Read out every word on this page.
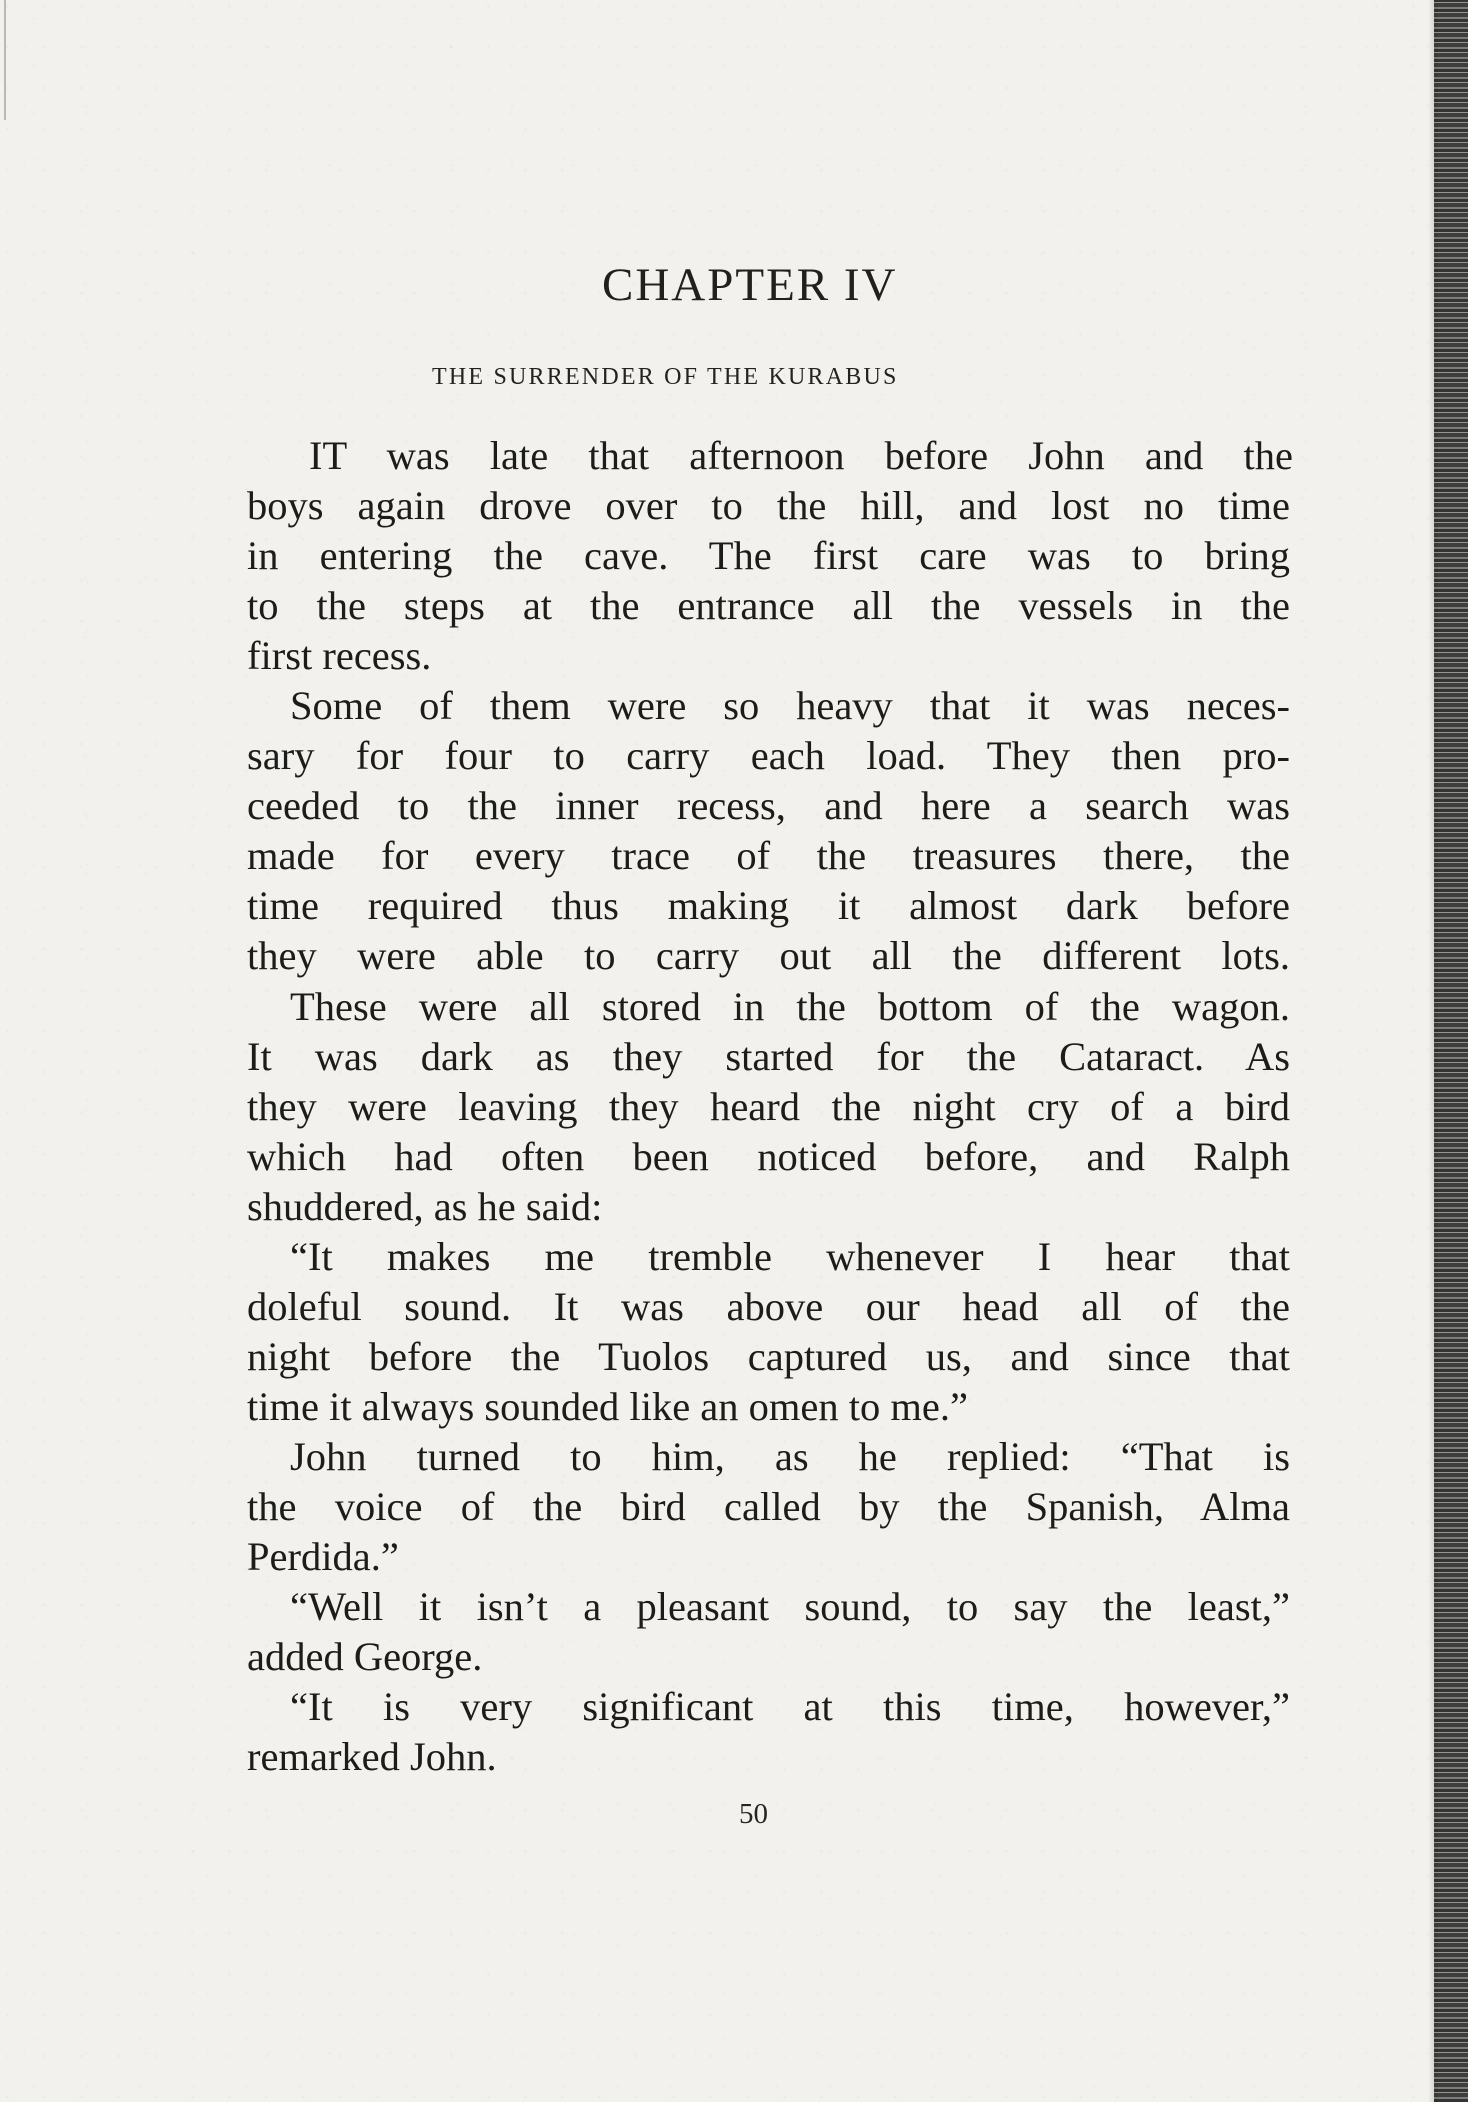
CHAPTER IV
THE SURRENDER OF THE KURABUS
IT was late that afternoon before John and the
boys again drove over to the hill, and lost no time
in entering the cave. The first care was to bring
to the steps at the entrance all the vessels in the
first recess.
Some of them were so heavy that it was neces-
sary for four to carry each load. They then pro-
ceeded to the inner recess, and here a search was
made for every trace of the treasures there, the
time required thus making it almost dark before
they were able to carry out all the different lots.
These were all stored in the bottom of the wagon.
It was dark as they started for the Cataract. As
they were leaving they heard the night cry of a bird
which had often been noticed before, and Ralph
shuddered, as he said:
“It makes me tremble whenever I hear that
doleful sound. It was above our head all of the
night before the Tuolos captured us, and since that
time it always sounded like an omen to me.”
John turned to him, as he replied: “That is
the voice of the bird called by the Spanish, Alma
Perdida.”
“Well it isn’t a pleasant sound, to say the least,”
added George.
“It is very significant at this time, however,”
remarked John.
50
